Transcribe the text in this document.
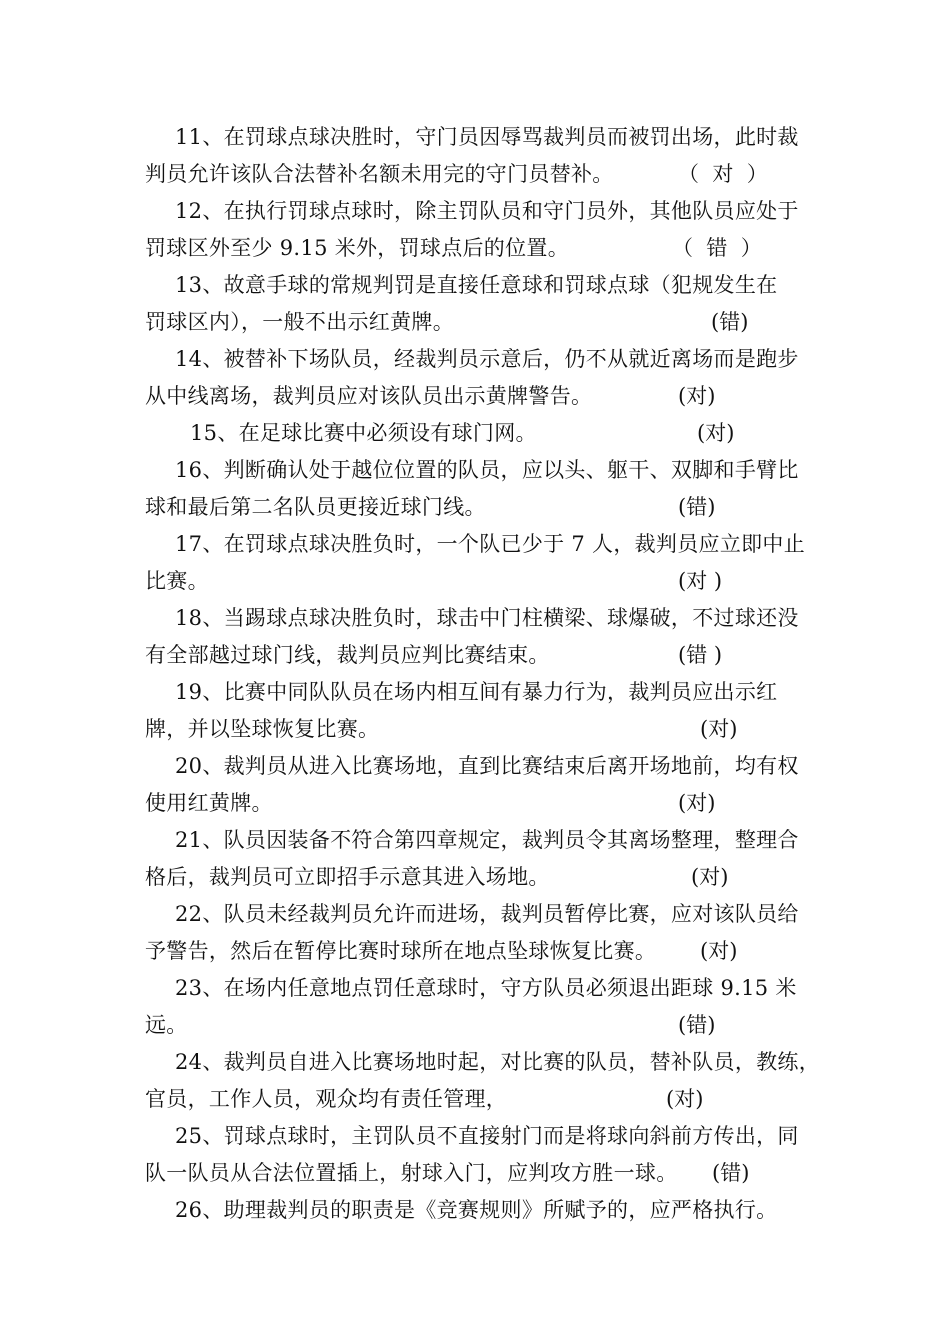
11、在罚球点球决胜时，守门员因辱骂裁判员而被罚出场，此时裁
判员允许该队合法替补名额未用完的守门员替补。	（  对  ）
12、在执行罚球点球时，除主罚队员和守门员外，其他队员应处于
罚球区外至少 9.15 米外，罚球点后的位置。	（  错  ）
13、故意手球的常规判罚是直接任意球和罚球点球（犯规发生在
罚球区内），一般不出示红黄牌。	(错)
14、被替补下场队员，经裁判员示意后，仍不从就近离场而是跑步
从中线离场，裁判员应对该队员出示黄牌警告。	(对)
15、在足球比赛中必须设有球门网。	(对)
16、判断确认处于越位位置的队员，应以头、躯干、双脚和手臂比
球和最后第二名队员更接近球门线。	(错)
17、在罚球点球决胜负时，一个队已少于 7 人，裁判员应立即中止
比赛。	(对 )
18、当踢球点球决胜负时，球击中门柱横梁、球爆破，不过球还没
有全部越过球门线，裁判员应判比赛结束。	(错 )
19、比赛中同队队员在场内相互间有暴力行为，裁判员应出示红
牌，并以坠球恢复比赛。	(对)
20、裁判员从进入比赛场地，直到比赛结束后离开场地前，均有权
使用红黄牌。	(对)
21、队员因装备不符合第四章规定，裁判员令其离场整理，整理合
格后，裁判员可立即招手示意其进入场地。	(对)
22、队员未经裁判员允许而进场，裁判员暂停比赛，应对该队员给
予警告，然后在暂停比赛时球所在地点坠球恢复比赛。 (对)
23、在场内任意地点罚任意球时，守方队员必须退出距球 9.15 米
远。	(错)
24、裁判员自进入比赛场地时起，对比赛的队员，替补队员，教练，
官员，工作人员，观众均有责任管理，	(对)
25、罚球点球时，主罚队员不直接射门而是将球向斜前方传出，同
队一队员从合法位置插上，射球入门，应判攻方胜一球。 (错)
26、助理裁判员的职责是《竞赛规则》所赋予的，应严格执行。
